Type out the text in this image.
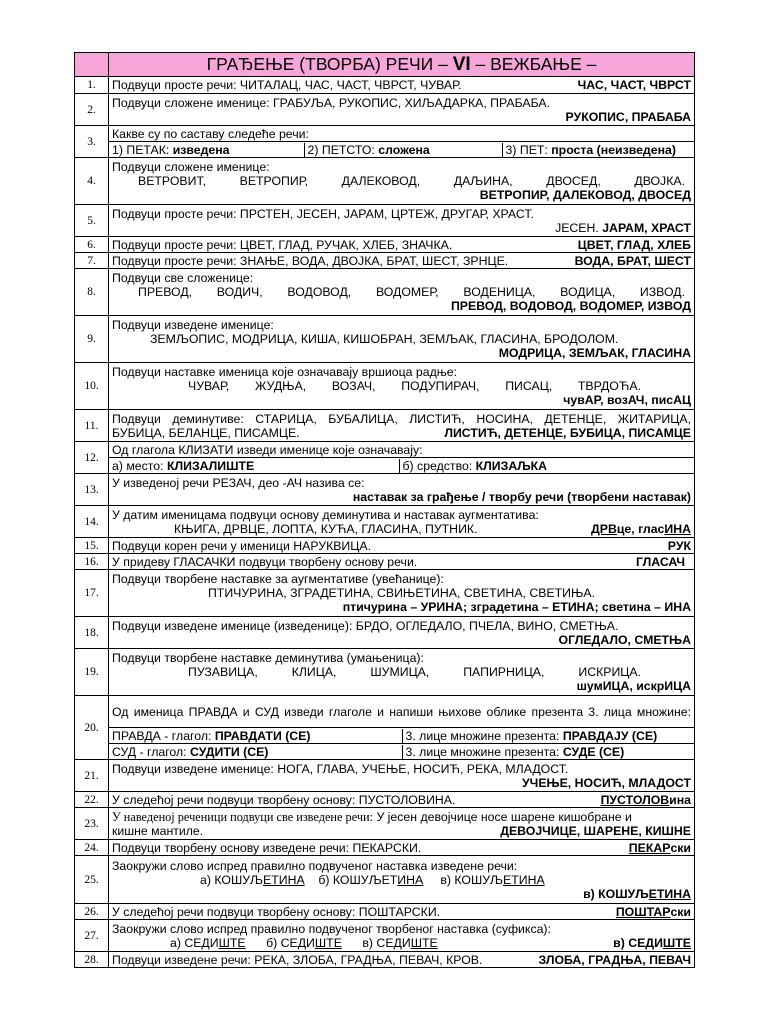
	ГРАЂЕЊЕ (ТВОРБА) РЕЧИ – VI – ВЕЖБАЊЕ –
1.	Подвуци просте речи: ЧИТАЛАЦ, ЧАС, ЧАСТ, ЧВРСТ, ЧУВАР.	ЧАС, ЧАСТ, ЧВРСТ

2.	Подвуци сложене именице: ГРАБУЉА, РУКОПИС, ХИЉАДАРКА, ПРАБАБА.
РУКОПИС, ПРАБАБА

3.	Какве су по саставу следеће речи:

1) ПЕТАК: изведена	2) ПЕТСТО: сложена	3) ПЕТ: проста (неизведена)

4.	
Подвуци сложене именице:
ВЕТРОВИТ, ВЕТРОПИР, ДАЛЕКОВОД, ДАЉИНА, ДВОСЕД, ДВОЈКА.
ВЕТРОПИР, ДАЛЕКОВОД, ДВОСЕД

5.	Подвуци просте речи: ПРСТЕН, ЈЕСЕН, ЈАРАМ, ЦРТЕЖ, ДРУГАР, ХРАСТ.
ЈЕСЕН. ЈАРАМ, ХРАСТ

6.	Подвуци просте речи: ЦВЕТ, ГЛАД, РУЧАК, ХЛЕБ, ЗНАЧКА.	ЦВЕТ, ГЛАД, ХЛЕБ

7.	Подвуци просте речи: ЗНАЊЕ, ВОДА, ДВОЈКА, БРАТ, ШЕСТ, ЗРНЦЕ.	ВОДА, БРАТ, ШЕСТ

8.	
Подвуци све сложенице:
ПРЕВОД, ВОДИЧ, ВОДОВОД, ВОДОМЕР, ВОДЕНИЦА, ВОДИЦА, ИЗВОД.
ПРЕВОД, ВОДОВОД, ВОДОМЕР, ИЗВОД

9.	
Подвуци изведене именице:
ЗЕМЉОПИС, МОДРИЦА, КИША, КИШОБРАН, ЗЕМЉАК, ГЛАСИНА, БРОДОЛОМ.
МОДРИЦА, ЗЕМЉАК, ГЛАСИНА

10.	
Подвуци наставке именица које означавају вршиоца радње:
ЧУВАР, ЖУДЊА, ВОЗАЧ, ПОДУПИРАЧ, ПИСАЦ, ТВРДОЋА.
чувАР, возАЧ, писАЦ

11.	Подвуци деминутиве: СТАРИЦА, БУБАЛИЦА, ЛИСТИЋ, НОСИНА, ДЕТЕНЦЕ, ЖИТАРИЦА,
БУБИЦА, БЕЛАНЦЕ, ПИСАМЦЕ.	ЛИСТИЋ, ДЕТЕНЦЕ, БУБИЦА, ПИСАМЦЕ

12.	Од глагола КЛИЗАТИ изведи именице које означавају:

а) место: КЛИЗАЛИШТЕ	б) средство: КЛИЗАЉКА

13.	У изведеној речи РЕЗАЧ, део -АЧ назива се:
наставак за грађење / творбу речи (творбени наставак)

14.	У датим именицама подвуци основу деминутива и наставак аугментатива:
КЊИГА, ДРВЦЕ, ЛОПТА, КУЋА, ГЛАСИНА, ПУТНИК.	ДРВце, гласИНА

15.	Подвуци корен речи у именици НАРУКВИЦА.	РУК

16.	У придеву ГЛАСАЧКИ подвуци творбену основу речи.	ГЛАСАЧ

17.	
Подвуци творбене наставке за аугментативе (увећанице):
ПТИЧУРИНА, ЗГРАДЕТИНА, СВИЊЕТИНА, СВЕТИНА, СВЕТИЊА.
птичурина – УРИНА; зградетина – ЕТИНА; светина – ИНА

18.	Подвуци изведене именице (изведенице): БРДО, ОГЛЕДАЛО, ПЧЕЛА, ВИНО, СМЕТЊА.
ОГЛЕДАЛО, СМЕТЊА

19.	
Подвуци творбене наставке деминутива (умањеница):
ПУЗАВИЦА, КЛИЦА, ШУМИЦА, ПАПИРНИЦА, ИСКРИЦА.
шумИЦА, искрИЦА

20.	
Од именица ПРАВДА и СУД изведи глаголе и напиши њихове облике презента 3. лица множине:

ПРАВДА - глагол: ПРАВДАТИ (СЕ)	3. лице множине презента: ПРАВДАЈУ (СЕ)

СУД - глагол: СУДИТИ (СЕ)	3. лице множине презента: СУДЕ (СЕ)

21.	Подвуци изведене именице: НОГА, ГЛАВА, УЧЕЊЕ, НОСИЋ, РЕКА, МЛАДОСТ.
УЧЕЊЕ, НОСИЋ, МЛАДОСТ

22.	У следећој речи подвуци творбену основу: ПУСТОЛОВИНА.	ПУСТОЛОВина

23.	У наведеној реченици подвуци све изведене речи: У јесен девојчице носе шарене кишобране и
кишне мантиле.	ДЕВОЈЧИЦЕ, ШАРЕНЕ, КИШНЕ

24.	Подвуци творбену основу изведене речи: ПЕКАРСКИ.	ПЕКАРски

25.	
Заокружи слово испред правилно подвученог наставка изведене речи:
а) КОШУЉЕТИНА б) КОШУЉЕТИНА в) КОШУЉЕТИНА
в) КОШУЉЕТИНА

26.	У следећој речи подвуци творбену основу: ПОШТАРСКИ.	ПОШТАРски

27.	Заокружи слово испред правилно подвученог творбеног наставка (суфикса):
а) СЕДИШТЕ б) СЕДИШТЕ в) СЕДИШТЕ	в) СЕДИШТЕ

28.	Подвуци изведене речи: РЕКА, ЗЛОБА, ГРАДЊА, ПЕВАЧ, КРОВ.	ЗЛОБА, ГРАДЊА, ПЕВАЧ
